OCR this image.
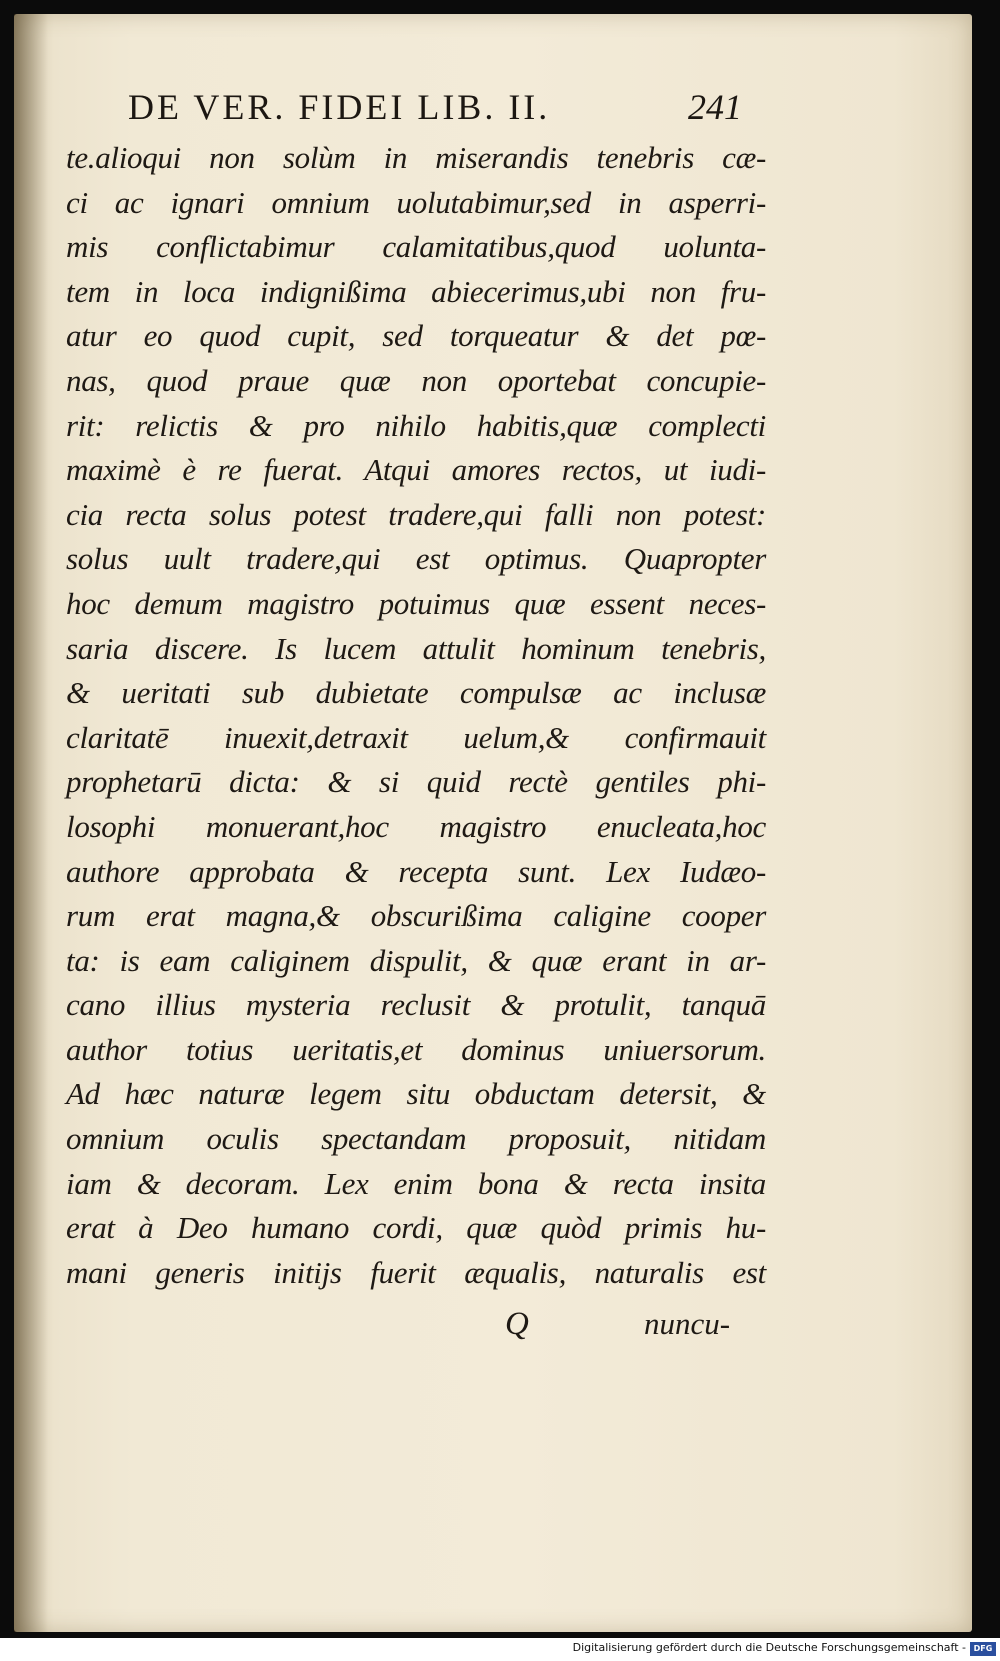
DE VER. FIDEI LIB. II.	241
te.alioqui non solùm in miserandis tenebris cæ-
ci ac ignari omnium uolutabimur,sed in asperri-
mis conflictabimur calamitatibus,quod uolunta-
tem in loca indignißima abiecerimus,ubi non fru-
atur eo quod cupit, sed torqueatur & det pœ-
nas, quod praue quæ non oportebat concupie-
rit: relictis & pro nihilo habitis,quæ complecti
maximè è re fuerat. Atqui amores rectos, ut iudi-
cia recta solus potest tradere,qui falli non potest:
solus uult tradere,qui est optimus. Quapropter
hoc demum magistro potuimus quæ essent neces-
saria discere. Is lucem attulit hominum tenebris,
& ueritati sub dubietate compulsæ ac inclusæ
claritatē inuexit,detraxit uelum,& confirmauit
prophetarū dicta: & si quid rectè gentiles phi-
losophi monuerant,hoc magistro enucleata,hoc
authore approbata & recepta sunt. Lex Iudæo-
rum erat magna,& obscurißima caligine cooper
ta: is eam caliginem dispulit, & quæ erant in ar-
cano illius mysteria reclusit & protulit, tanquā
author totius ueritatis,et dominus uniuersorum.
Ad hæc naturæ legem situ obductam detersit, &
omnium oculis spectandam proposuit, nitidam
iam & decoram. Lex enim bona & recta insita
erat à Deo humano cordi, quæ quòd primis hu-
mani generis initijs fuerit æqualis, naturalis est
Q	nuncu-
Digitalisierung gefördert durch die Deutsche Forschungsgemeinschaft - DFG
